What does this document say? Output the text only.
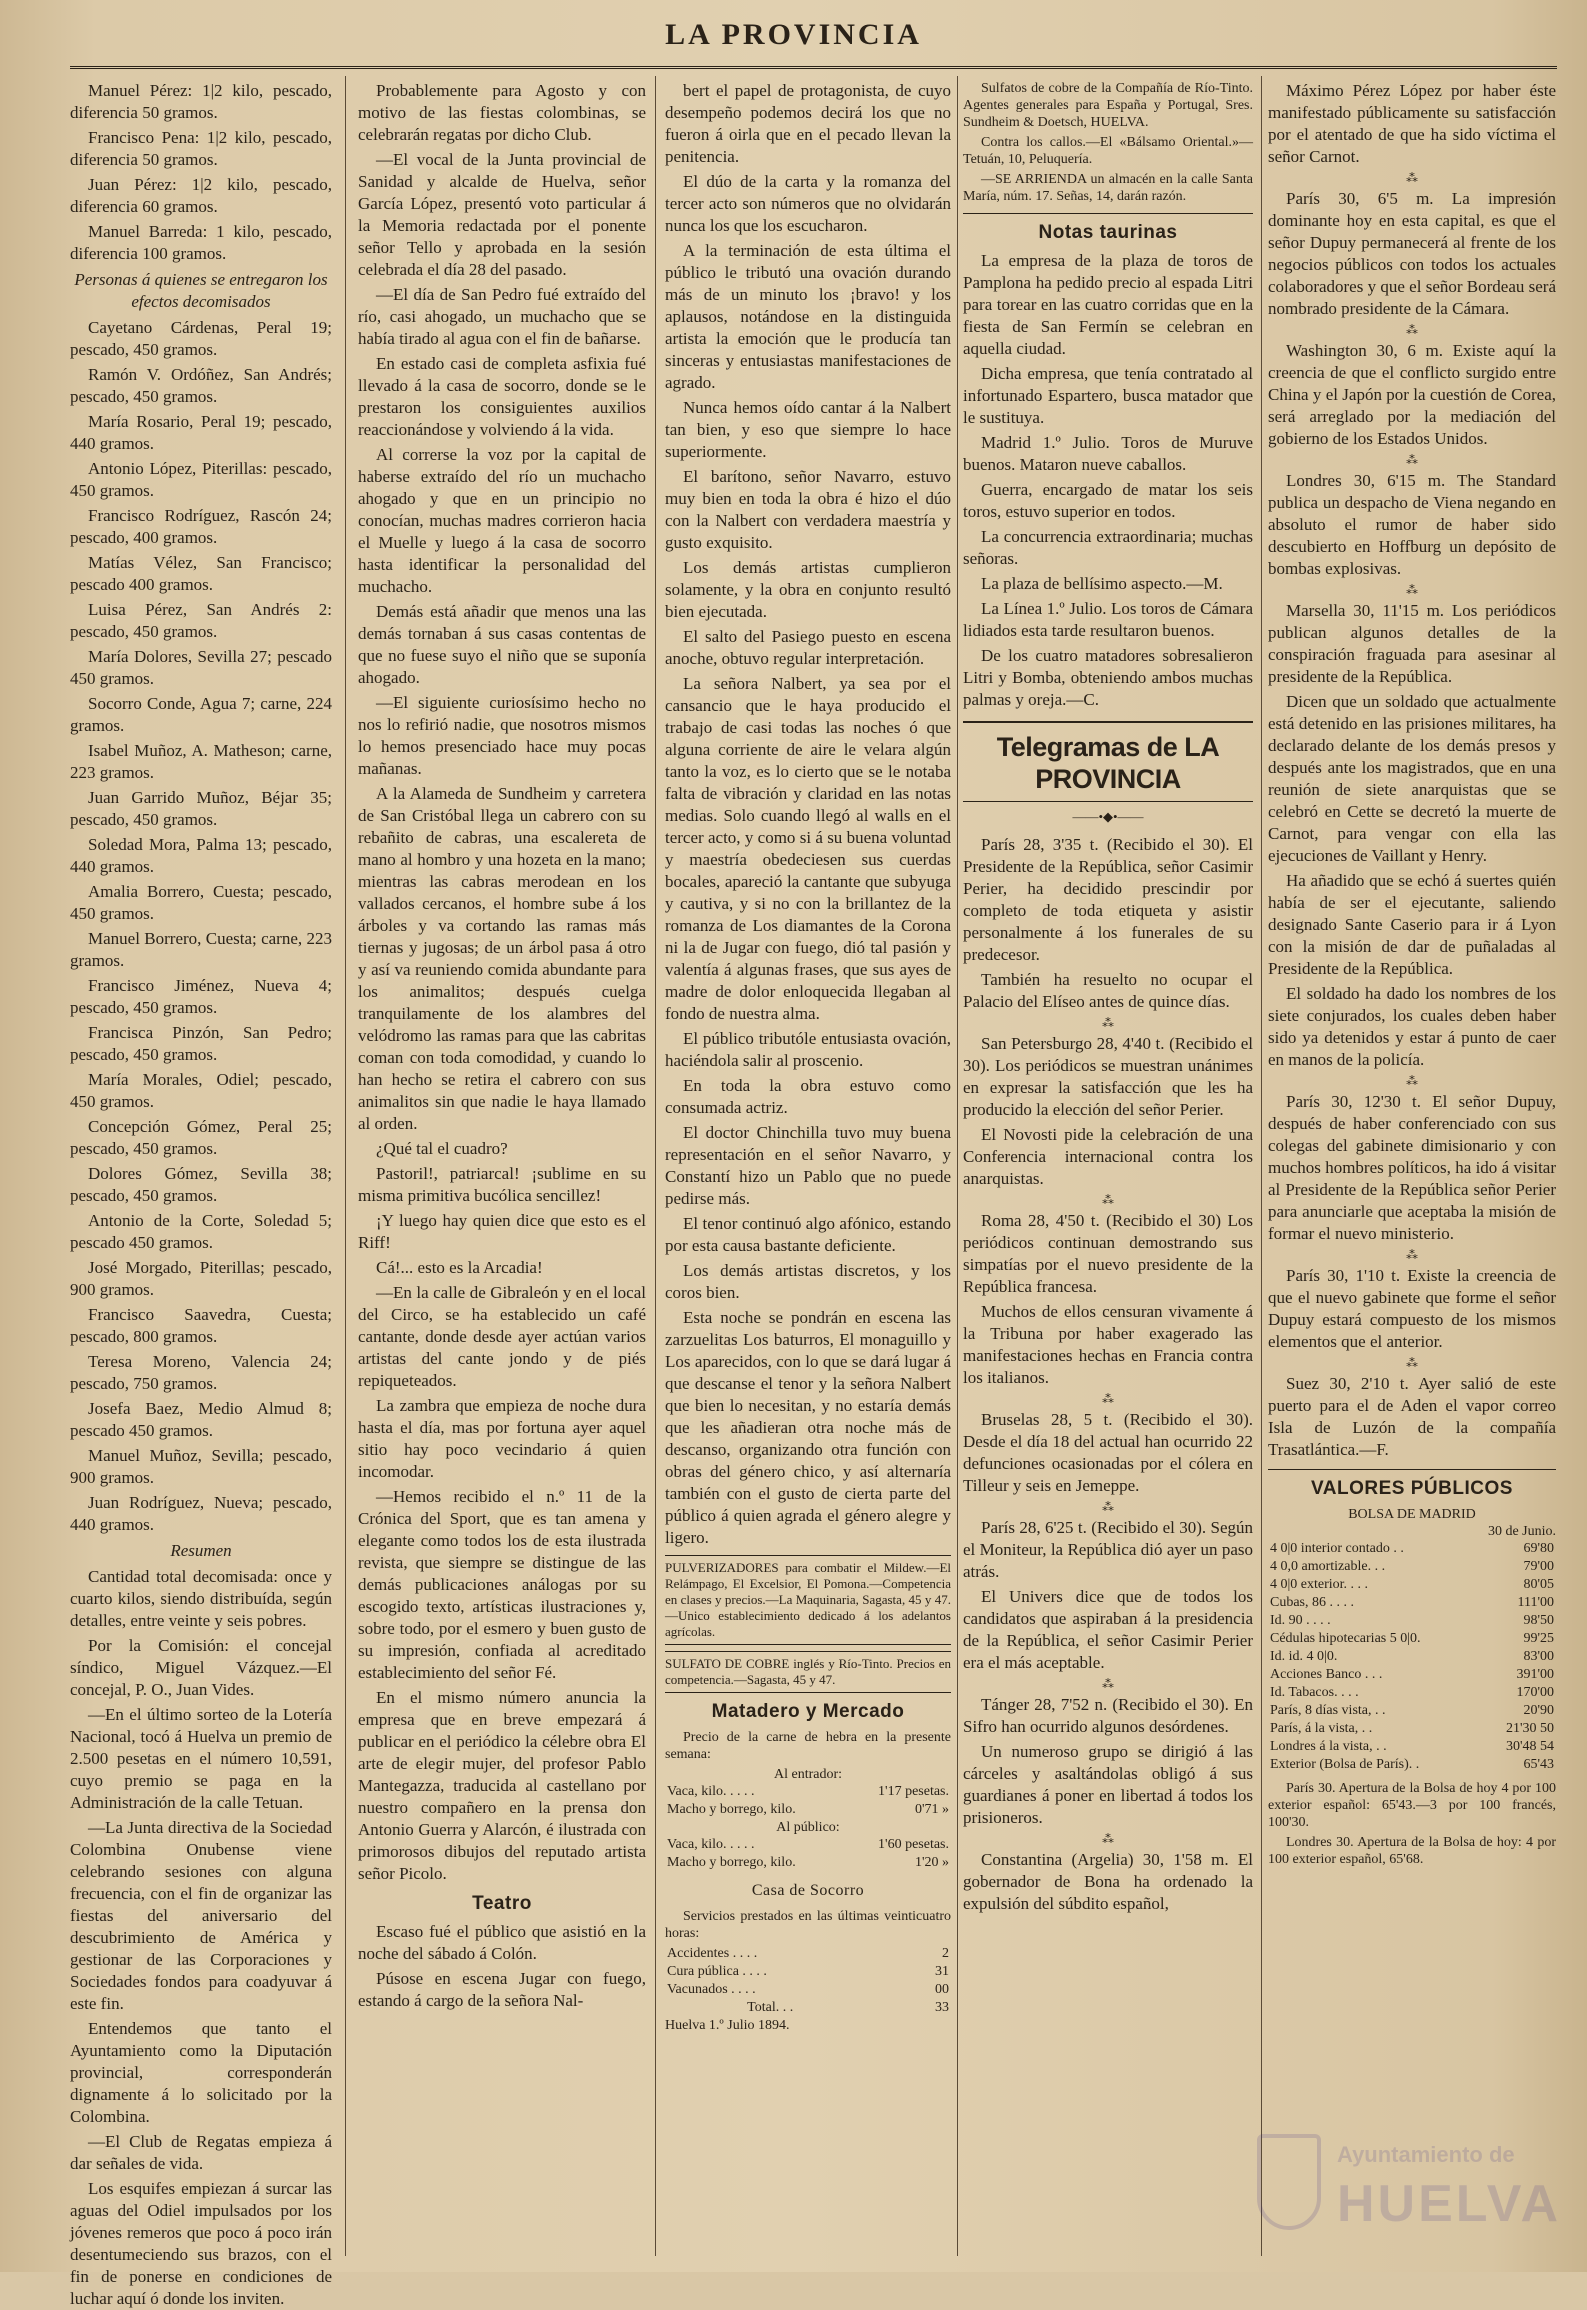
LA PROVINCIA

Manuel Pérez: 1|2 kilo, pescado, diferencia 50 gramos.

Francisco Pena: 1|2 kilo, pescado, diferencia 50 gramos.

Juan Pérez: 1|2 kilo, pescado, diferencia 60 gramos.

Manuel Barreda: 1 kilo, pescado, diferencia 100 gramos.

Personas á quienes se entregaron los efectos decomisados

Cayetano Cárdenas, Peral 19; pescado, 450 gramos.

Ramón V. Ordóñez, San Andrés; pescado, 450 gramos.

María Rosario, Peral 19; pescado, 440 gramos.

Antonio López, Piterillas: pescado, 450 gramos.

Francisco Rodríguez, Rascón 24; pescado, 400 gramos.

Matías Vélez, San Francisco; pescado 400 gramos.

Luisa Pérez, San Andrés 2: pescado, 450 gramos.

María Dolores, Sevilla 27; pescado 450 gramos.

Socorro Conde, Agua 7; carne, 224 gramos.

Isabel Muñoz, A. Matheson; carne, 223 gramos.

Juan Garrido Muñoz, Béjar 35; pescado, 450 gramos.

Soledad Mora, Palma 13; pescado, 440 gramos.

Amalia Borrero, Cuesta; pescado, 450 gramos.

Manuel Borrero, Cuesta; carne, 223 gramos.

Francisco Jiménez, Nueva 4; pescado, 450 gramos.

Francisca Pinzón, San Pedro; pescado, 450 gramos.

María Morales, Odiel; pescado, 450 gramos.

Concepción Gómez, Peral 25; pescado, 450 gramos.

Dolores Gómez, Sevilla 38; pescado, 450 gramos.

Antonio de la Corte, Soledad 5; pescado 450 gramos.

José Morgado, Piterillas; pescado, 900 gramos.

Francisco Saavedra, Cuesta; pescado, 800 gramos.

Teresa Moreno, Valencia 24; pescado, 750 gramos.

Josefa Baez, Medio Almud 8; pescado 450 gramos.

Manuel Muñoz, Sevilla; pescado, 900 gramos.

Juan Rodríguez, Nueva; pescado, 440 gramos.

Resumen

Cantidad total decomisada: once y cuarto kilos, siendo distribuída, según detalles, entre veinte y seis pobres.

Por la Comisión: el concejal síndico, Miguel Vázquez.—El concejal, P. O., Juan Vides.

—En el último sorteo de la Lotería Nacional, tocó á Huelva un premio de 2.500 pesetas en el número 10,591, cuyo premio se paga en la Administración de la calle Tetuan.

—La Junta directiva de la Sociedad Colombina Onubense viene celebrando sesiones con alguna frecuencia, con el fin de organizar las fiestas del aniversario del descubrimiento de América y gestionar de las Corporaciones y Sociedades fondos para coadyuvar á este fin.

Entendemos que tanto el Ayuntamiento como la Diputación provincial, corresponderán dignamente á lo solicitado por la Colombina.

—El Club de Regatas empieza á dar señales de vida.

Los esquifes empiezan á surcar las aguas del Odiel impulsados por los jóvenes remeros que poco á poco irán desentumeciendo sus brazos, con el fin de ponerse en condiciones de luchar aquí ó donde los inviten.

Probablemente para Agosto y con motivo de las fiestas colombinas, se celebrarán regatas por dicho Club.

—El vocal de la Junta provincial de Sanidad y alcalde de Huelva, señor García López, presentó voto particular á la Memoria redactada por el ponente señor Tello y aprobada en la sesión celebrada el día 28 del pasado.

—El día de San Pedro fué extraído del río, casi ahogado, un muchacho que se había tirado al agua con el fin de bañarse.

En estado casi de completa asfixia fué llevado á la casa de socorro, donde se le prestaron los consiguientes auxilios reaccionándose y volviendo á la vida.

Al correrse la voz por la capital de haberse extraído del río un muchacho ahogado y que en un principio no conocían, muchas madres corrieron hacia el Muelle y luego á la casa de socorro hasta identificar la personalidad del muchacho.

Demás está añadir que menos una las demás tornaban á sus casas contentas de que no fuese suyo el niño que se suponía ahogado.

—El siguiente curiosísimo hecho no nos lo refirió nadie, que nosotros mismos lo hemos presenciado hace muy pocas mañanas.

A la Alameda de Sundheim y carretera de San Cristóbal llega un cabrero con su rebañito de cabras, una escalereta de mano al hombro y una hozeta en la mano; mientras las cabras merodean en los vallados cercanos, el hombre sube á los árboles y va cortando las ramas más tiernas y jugosas; de un árbol pasa á otro y así va reuniendo comida abundante para los animalitos; después cuelga tranquilamente de los alambres del velódromo las ramas para que las cabritas coman con toda comodidad, y cuando lo han hecho se retira el cabrero con sus animalitos sin que nadie le haya llamado al orden.

¿Qué tal el cuadro?

Pastoril!, patriarcal! ¡sublime en su misma primitiva bucólica sencillez!

¡Y luego hay quien dice que esto es el Riff!

Cá!... esto es la Arcadia!

—En la calle de Gibraleón y en el local del Circo, se ha establecido un café cantante, donde desde ayer actúan varios artistas del cante jondo y de piés repiqueteados.

La zambra que empieza de noche dura hasta el día, mas por fortuna ayer aquel sitio hay poco vecindario á quien incomodar.

—Hemos recibido el n.º 11 de la Crónica del Sport, que es tan amena y elegante como todos los de esta ilustrada revista, que siempre se distingue de las demás publicaciones análogas por su escogido texto, artísticas ilustraciones y, sobre todo, por el esmero y buen gusto de su impresión, confiada al acreditado establecimiento del señor Fé.

En el mismo número anuncia la empresa que en breve empezará á publicar en el periódico la célebre obra El arte de elegir mujer, del profesor Pablo Mantegazza, traducida al castellano por nuestro compañero en la prensa don Antonio Guerra y Alarcón, é ilustrada con primorosos dibujos del reputado artista señor Picolo.

Teatro

Escaso fué el público que asistió en la noche del sábado á Colón.

Púsose en escena Jugar con fuego, estando á cargo de la señora Nal-

bert el papel de protagonista, de cuyo desempeño podemos decirá los que no fueron á oirla que en el pecado llevan la penitencia.

El dúo de la carta y la romanza del tercer acto son números que no olvidarán nunca los que los escucharon.

A la terminación de esta última el público le tributó una ovación durando más de un minuto los ¡bravo! y los aplausos, notándose en la distinguida artista la emoción que le producía tan sinceras y entusiastas manifestaciones de agrado.

Nunca hemos oído cantar á la Nalbert tan bien, y eso que siempre lo hace superiormente.

El barítono, señor Navarro, estuvo muy bien en toda la obra é hizo el dúo con la Nalbert con verdadera maestría y gusto exquisito.

Los demás artistas cumplieron solamente, y la obra en conjunto resultó bien ejecutada.

El salto del Pasiego puesto en escena anoche, obtuvo regular interpretación.

La señora Nalbert, ya sea por el cansancio que le haya producido el trabajo de casi todas las noches ó que alguna corriente de aire le velara algún tanto la voz, es lo cierto que se le notaba falta de vibración y claridad en las notas medias. Solo cuando llegó al walls en el tercer acto, y como si á su buena voluntad y maestría obedeciesen sus cuerdas bocales, apareció la cantante que subyuga y cautiva, y si no con la brillantez de la romanza de Los diamantes de la Corona ni la de Jugar con fuego, dió tal pasión y valentía á algunas frases, que sus ayes de madre de dolor enloquecida llegaban al fondo de nuestra alma.

El público tributóle entusiasta ovación, haciéndola salir al proscenio.

En toda la obra estuvo como consumada actriz.

El doctor Chinchilla tuvo muy buena representación en el señor Navarro, y Constantí hizo un Pablo que no puede pedirse más.

El tenor continuó algo afónico, estando por esta causa bastante deficiente.

Los demás artistas discretos, y los coros bien.

Esta noche se pondrán en escena las zarzuelitas Los baturros, El monaguillo y Los aparecidos, con lo que se dará lugar á que descanse el tenor y la señora Nalbert que bien lo necesitan, y no estaría demás que les añadieran otra noche más de descanso, organizando otra función con obras del género chico, y así alternaría también con el gusto de cierta parte del público á quien agrada el género alegre y ligero.

PULVERIZADORES para combatir el Mildew.—El Relámpago, El Excelsior, El Pomona.—Competencia en clases y precios.—La Maquinaria, Sagasta, 45 y 47.—Unico establecimiento dedicado á los adelantos agrícolas.
SULFATO DE COBRE inglés y Río-Tinto. Precios en competencia.—Sagasta, 45 y 47.
Matadero y Mercado

Precio de la carne de hebra en la presente semana:

Al entrador:
Vaca, kilo. . . . .	1'17 pesetas.
Macho y borrego, kilo.	0'71 »
Al público:
Vaca, kilo. . . . .	1'60 pesetas.
Macho y borrego, kilo.	1'20 »
Casa de Socorro

Servicios prestados en las últimas veinticuatro horas:

Accidentes . . . .	2
Cura pública . . . .	31
Vacunados . . . .	00
Total. . .	33
Huelva 1.º Julio 1894.

Sulfatos de cobre de la Compañía de Río-Tinto. Agentes generales para España y Portugal, Sres. Sundheim & Doetsch, HUELVA.

Contra los callos.—El «Bálsamo Oriental.»—Tetuán, 10, Peluquería.

—SE ARRIENDA un almacén en la calle Santa María, núm. 17. Señas, 14, darán razón.

Notas taurinas

La empresa de la plaza de toros de Pamplona ha pedido precio al espada Litri para torear en las cuatro corridas que en la fiesta de San Fermín se celebran en aquella ciudad.

Dicha empresa, que tenía contratado al infortunado Espartero, busca matador que le sustituya.

Madrid 1.º Julio. Toros de Muruve buenos. Mataron nueve caballos.

Guerra, encargado de matar los seis toros, estuvo superior en todos.

La concurrencia extraordinaria; muchas señoras.

La plaza de bellísimo aspecto.—M.

La Línea 1.º Julio. Los toros de Cámara lidiados esta tarde resultaron buenos.

De los cuatro matadores sobresalieron Litri y Bomba, obteniendo ambos muchas palmas y oreja.—C.

Telegramas de LA PROVINCIA
——•◆•——

París 28, 3'35 t. (Recibido el 30). El Presidente de la República, señor Casimir Perier, ha decidido prescindir por completo de toda etiqueta y asistir personalmente á los funerales de su predecesor.

También ha resuelto no ocupar el Palacio del Elíseo antes de quince días.

⁂

San Petersburgo 28, 4'40 t. (Recibido el 30). Los periódicos se muestran unánimes en expresar la satisfacción que les ha producido la elección del señor Perier.

El Novosti pide la celebración de una Conferencia internacional contra los anarquistas.

⁂

Roma 28, 4'50 t. (Recibido el 30) Los periódicos continuan demostrando sus simpatías por el nuevo presidente de la República francesa.

Muchos de ellos censuran vivamente á la Tribuna por haber exagerado las manifestaciones hechas en Francia contra los italianos.

⁂

Bruselas 28, 5 t. (Recibido el 30). Desde el día 18 del actual han ocurrido 22 defunciones ocasionadas por el cólera en Tilleur y seis en Jemeppe.

⁂

París 28, 6'25 t. (Recibido el 30). Según el Moniteur, la República dió ayer un paso atrás.

El Univers dice que de todos los candidatos que aspiraban á la presidencia de la República, el señor Casimir Perier era el más aceptable.

⁂

Tánger 28, 7'52 n. (Recibido el 30). En Sifro han ocurrido algunos desórdenes.

Un numeroso grupo se dirigió á las cárceles y asaltándolas obligó á sus guardianes á poner en libertad á todos los prisioneros.

⁂

Constantina (Argelia) 30, 1'58 m. El gobernador de Bona ha ordenado la expulsión del súbdito español,

Máximo Pérez López por haber éste manifestado públicamente su satisfacción por el atentado de que ha sido víctima el señor Carnot.

⁂

París 30, 6'5 m. La impresión dominante hoy en esta capital, es que el señor Dupuy permanecerá al frente de los negocios públicos con todos los actuales colaboradores y que el señor Bordeau será nombrado presidente de la Cámara.

⁂

Washington 30, 6 m. Existe aquí la creencia de que el conflicto surgido entre China y el Japón por la cuestión de Corea, será arreglado por la mediación del gobierno de los Estados Unidos.

⁂

Londres 30, 6'15 m. The Standard publica un despacho de Viena negando en absoluto el rumor de haber sido descubierto en Hoffburg un depósito de bombas explosivas.

⁂

Marsella 30, 11'15 m. Los periódicos publican algunos detalles de la conspiración fraguada para asesinar al presidente de la República.

Dicen que un soldado que actualmente está detenido en las prisiones militares, ha declarado delante de los demás presos y después ante los magistrados, que en una reunión de siete anarquistas que se celebró en Cette se decretó la muerte de Carnot, para vengar con ella las ejecuciones de Vaillant y Henry.

Ha añadido que se echó á suertes quién había de ser el ejecutante, saliendo designado Sante Caserio para ir á Lyon con la misión de dar de puñaladas al Presidente de la República.

El soldado ha dado los nombres de los siete conjurados, los cuales deben haber sido ya detenidos y estar á punto de caer en manos de la policía.

⁂

París 30, 12'30 t. El señor Dupuy, después de haber conferenciado con sus colegas del gabinete dimisionario y con muchos hombres políticos, ha ido á visitar al Presidente de la República señor Perier para anunciarle que aceptaba la misión de formar el nuevo ministerio.

⁂

París 30, 1'10 t. Existe la creencia de que el nuevo gabinete que forme el señor Dupuy estará compuesto de los mismos elementos que el anterior.

⁂

Suez 30, 2'10 t. Ayer salió de este puerto para el de Aden el vapor correo Isla de Luzón de la compañía Trasatlántica.—F.

VALORES PÚBLICOS
BOLSA DE MADRID
30 de Junio.
4 0|0 interior contado . .	69'80
4 0,0 amortizable. . .	79'00
4 0|0 exterior. . . .	80'05
Cubas, 86 . . . .	111'00
Id. 90 . . . .	98'50
Cédulas hipotecarias 5 0|0.	99'25
Id. id. 4 0|0.	83'00
Acciones Banco . . .	391'00
Id. Tabacos. . . .	170'00
París, 8 días vista, . .	20'90
París, á la vista, . .	21'30 50
Londres á la vista, . .	30'48 54
Exterior (Bolsa de París). .	65'43

París 30. Apertura de la Bolsa de hoy 4 por 100 exterior español: 65'43.—3 por 100 francés, 100'30.

Londres 30. Apertura de la Bolsa de hoy: 4 por 100 exterior español, 65'68.

Ayuntamiento de
HUELVA
